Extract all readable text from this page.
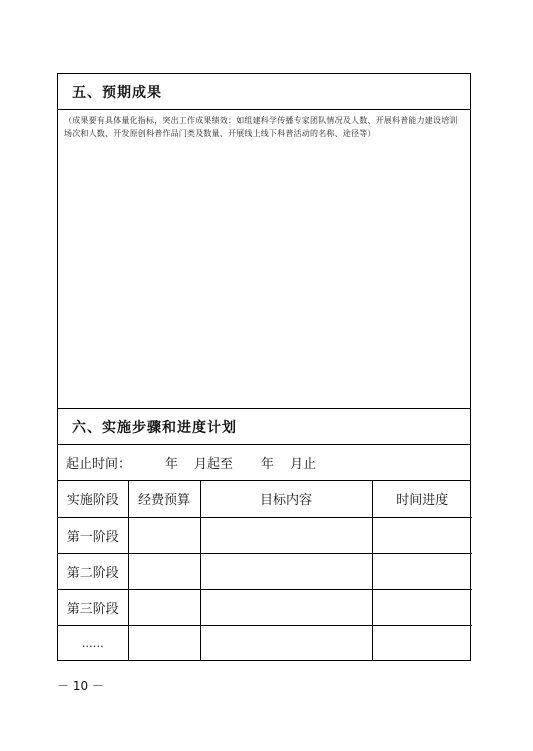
五、预期成果
（成果要有具体量化指标，突出工作成果绩效：如组建科学传播专家团队情况及人数、开展科普能力建设培训场次和人数、开发原创科普作品门类及数量、开展线上线下科普活动的名称、途径等）
六、实施步骤和进度计划
起止时间：	年 月起至 年 月止
实施阶段	经费预算	目标内容	时间进度
第一阶段			
第二阶段			
第三阶段			
……			
－ 10 －
